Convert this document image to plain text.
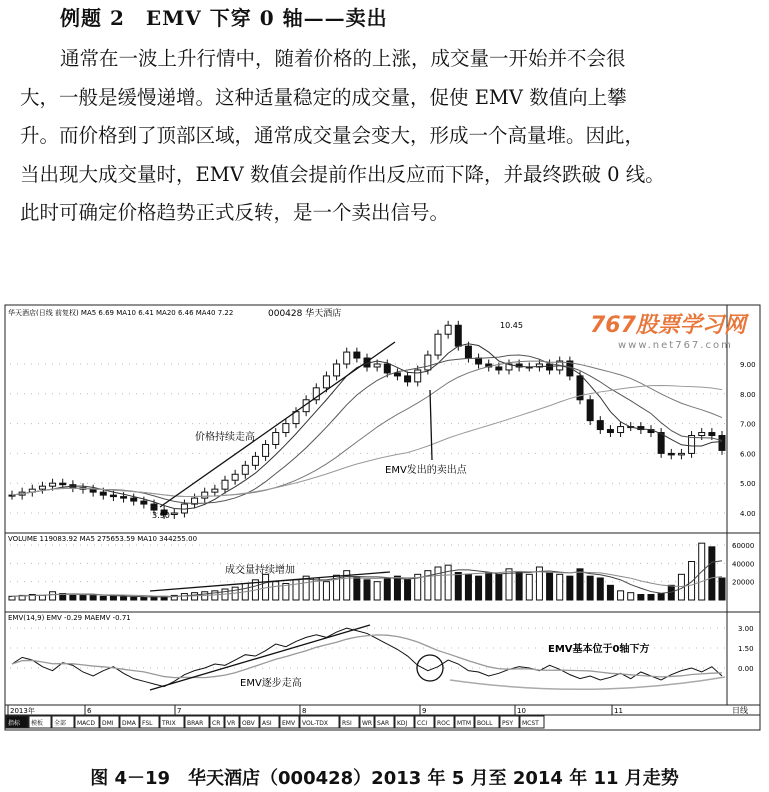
例题 2　EMV 下穿 0 轴——卖出
通常在一波上升行情中，随着价格的上涨，成交量一开始并不会很
大，一般是缓慢递增。这种适量稳定的成交量，促使 EMV 数值向上攀
升。而价格到了顶部区域，通常成交量会变大，形成一个高量堆。因此，
当出现大成交量时，EMV 数值会提前作出反应而下降，并最终跌破 0 线。
此时可确定价格趋势正式反转，是一个卖出信号。
华天酒店(日线 前复权) MA5 6.69 MA10 6.41 MA20 6.46 MA40 7.22	000428 华天酒店	767股票学习网
www.net767.com
VOLUME 119083.92 MA5 275653.59 MA10 344255.00
EMV(14,9) EMV -0.29 MAEMV -0.71
9.00
8.00
7.00
6.00
5.00
4.00
60000
40000
20000
3.00
1.50
0.00
价格持续走高
EMV发出的卖出点
10.45
3.90
成交量持续增加
EMV逐步走高
EMV基本位于0轴下方
2013年	6	7	8	9	10	11
指标 模板 全部 MACD DMI DMA FSL TRIX BRAR CR VR OBV ASI EMV VOL-TDX RSI WR SAR KDJ CCI ROC MTM BOLL PSY MCST
日线
图 4－19　华天酒店（000428）2013 年 5 月至 2014 年 11 月走势
